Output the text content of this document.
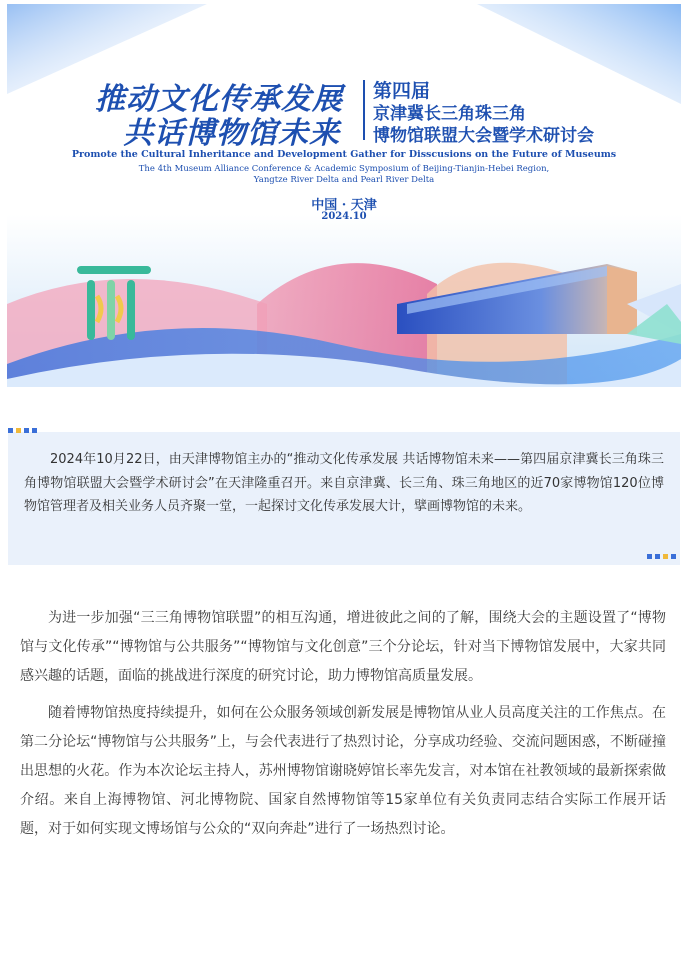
推动文化传承发展
共话博物馆未来
第四届
京津冀长三角珠三角
博物馆联盟大会暨学术研讨会
Promote the Cultural Inheritance and Development Gather for Disscusions on the Future of Museums
The 4th Museum Alliance Conference & Academic Symposium of Beijing-Tianjin-Hebei Region,
Yangtze River Delta and Pearl River Delta
中国 · 天津
2024.10

2024年10月22日，由天津博物馆主办的“推动文化传承发展 共话博物馆未来——第四届京津冀长三角珠三角博物馆联盟大会暨学术研讨会”在天津隆重召开。来自京津冀、长三角、珠三角地区的近70家博物馆120位博物馆管理者及相关业务人员齐聚一堂，一起探讨文化传承发展大计，擘画博物馆的未来。

为进一步加强“三三角博物馆联盟”的相互沟通，增进彼此之间的了解，围绕大会的主题设置了“博物馆与文化传承”“博物馆与公共服务”“博物馆与文化创意”三个分论坛，针对当下博物馆发展中，大家共同感兴趣的话题，面临的挑战进行深度的研究讨论，助力博物馆高质量发展。

随着博物馆热度持续提升，如何在公众服务领域创新发展是博物馆从业人员高度关注的工作焦点。在第二分论坛“博物馆与公共服务”上，与会代表进行了热烈讨论，分享成功经验、交流问题困惑，不断碰撞出思想的火花。作为本次论坛主持人，苏州博物馆谢晓婷馆长率先发言，对本馆在社教领域的最新探索做介绍。来自上海博物馆、河北博物院、国家自然博物馆等15家单位有关负责同志结合实际工作展开话题，对于如何实现文博场馆与公众的“双向奔赴”进行了一场热烈讨论。
